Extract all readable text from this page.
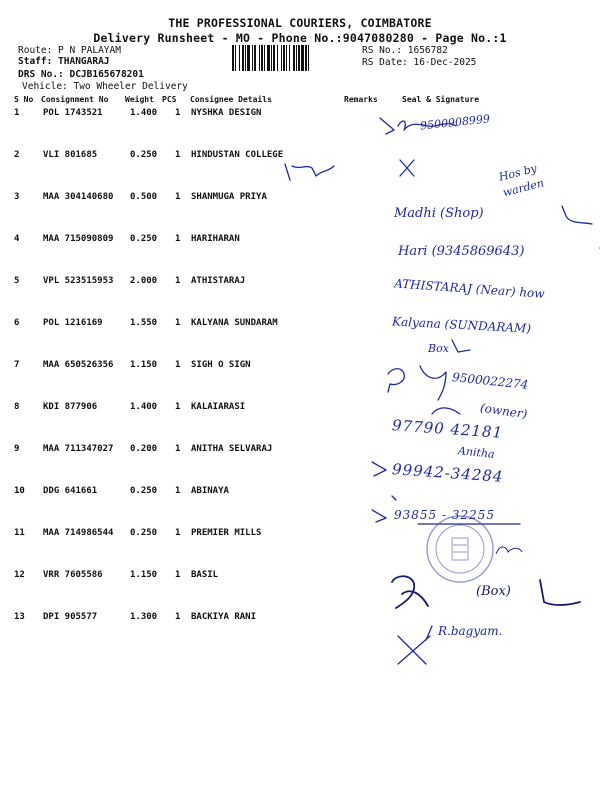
THE PROFESSIONAL COURIERS, COIMBATORE
Delivery Runsheet - MO - Phone No.:9047080280 - Page No.:1
Route: P N PALAYAM
Staff: THANGARAJ
DRS No.: DCJB165678201
Vehicle: Two Wheeler Delivery
RS No.: 1656782
RS Date: 16-Dec-2025
S No Consignment No Weight PCS Consignee Details	Remarks	Seal & Signature
1	POL 1743521	1.400 1 NYSHKA DESIGN
2	VLI 801685	0.250 1 HINDUSTAN COLLEGE
3	MAA 304140680 0.500 1 SHANMUGA PRIYA
4	MAA 715090809 0.250 1 HARIHARAN
5	VPL 523515953 2.000 1 ATHISTARAJ
6	POL 1216169	1.550 1 KALYANA SUNDARAM
7	MAA 650526356 1.150 1 SIGH O SIGN
8	KDI 877906	1.400 1 KALAIARASI
9	MAA 711347027 0.200 1 ANITHA SELVARAJ
10 DDG 641661	0.250 1 ABINAYA
11 MAA 714986544 0.250 1 PREMIER MILLS
12 VRR 7605586	1.150 1 BASIL
13 DPI 905577	1.300 1 BACKIYA RANI
9500908999
Hos by warden
Madhi (Shop)
Hari (9345869643)
ATHISTARAJ (Near) how
Kalyana (SUNDARAM)
Box
9500022274
(owner)
97790 42181
Anitha
99942-34284
93855 - 32255
(Box)
R.bagyam.
